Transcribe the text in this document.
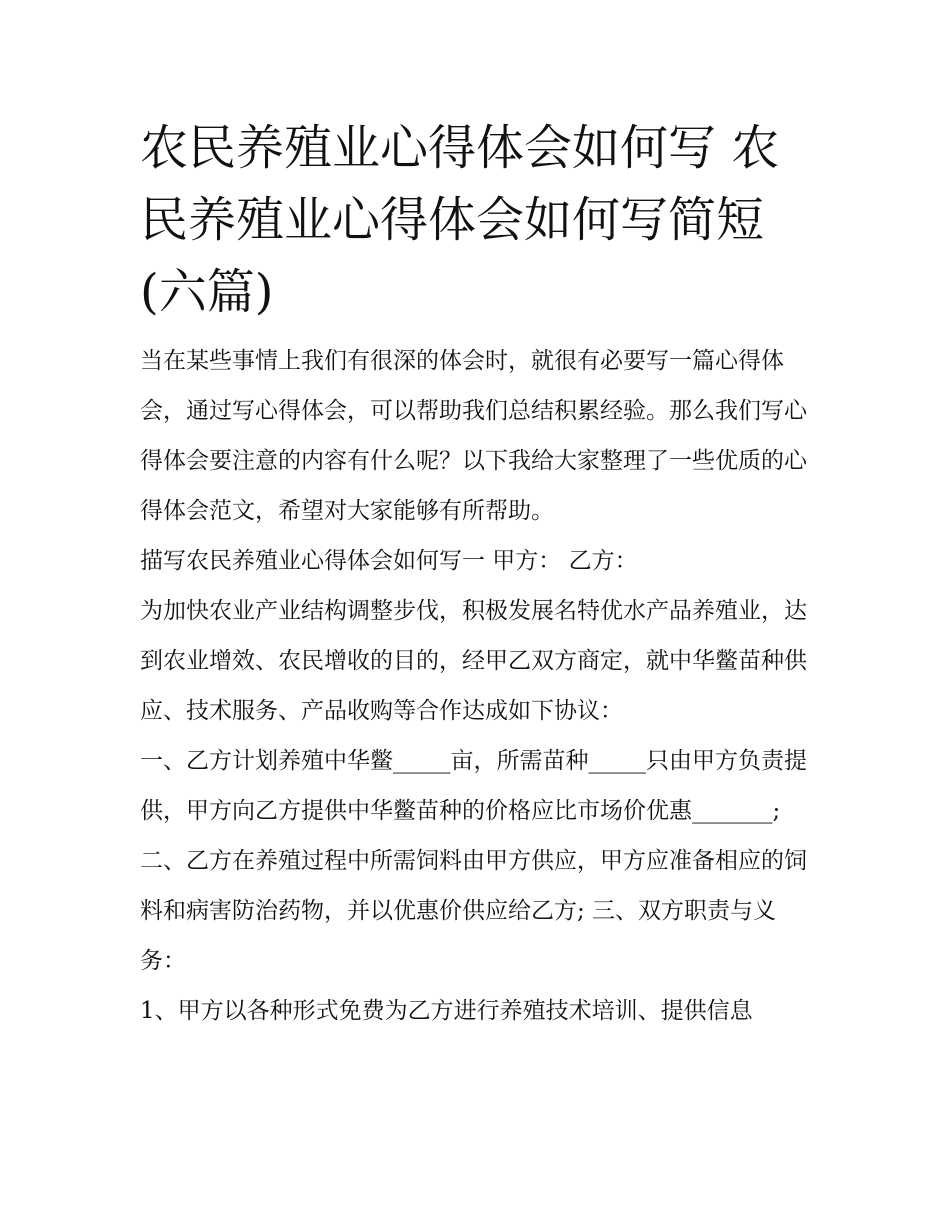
农民养殖业心得体会如何写 农民养殖业心得体会如何写简短(六篇)

当在某些事情上我们有很深的体会时，就很有必要写一篇心得体会，通过写心得体会，可以帮助我们总结积累经验。那么我们写心得体会要注意的内容有什么呢？以下我给大家整理了一些优质的心得体会范文，希望对大家能够有所帮助。

描写农民养殖业心得体会如何写一 甲方： 乙方：

为加快农业产业结构调整步伐，积极发展名特优水产品养殖业，达到农业增效、农民增收的目的，经甲乙双方商定，就中华鳖苗种供应、技术服务、产品收购等合作达成如下协议：

一、乙方计划养殖中华鳖_____亩，所需苗种_____只由甲方负责提供，甲方向乙方提供中华鳖苗种的价格应比市场价优惠_______;

二、乙方在养殖过程中所需饲料由甲方供应，甲方应准备相应的饲料和病害防治药物，并以优惠价供应给乙方; 三、双方职责与义务：

1、甲方以各种形式免费为乙方进行养殖技术培训、提供信息
